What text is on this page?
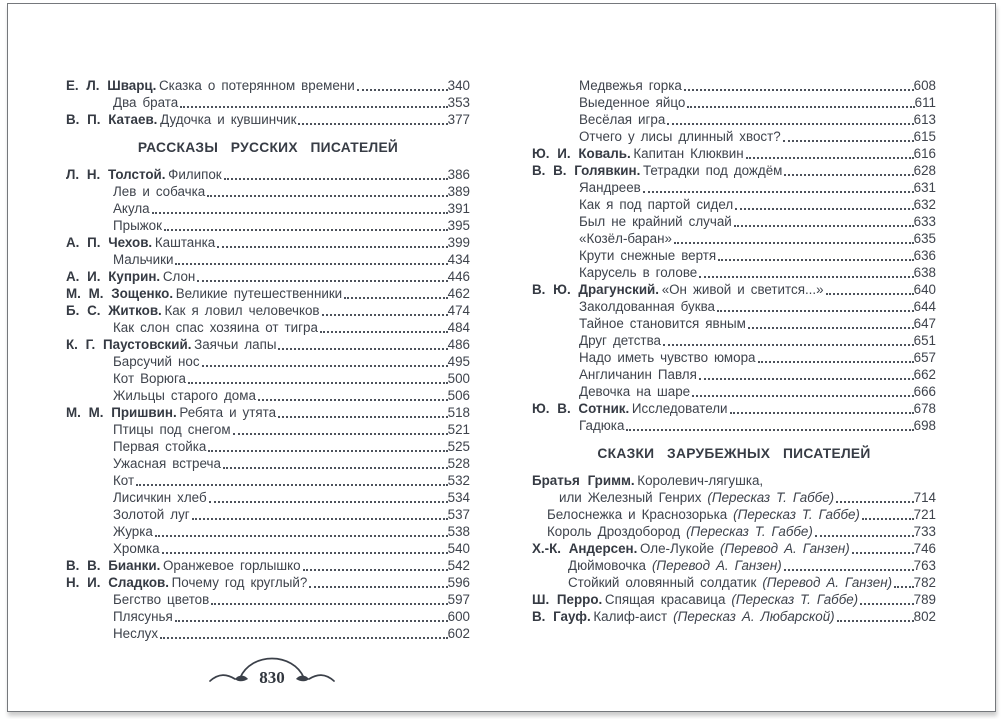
Е. Л. Шварц. Сказка о потерянном времени	340
Два брата	353
В. П. Катаев. Дудочка и кувшинчик	377
РАССКАЗЫ РУССКИХ ПИСАТЕЛЕЙ
Л. Н. Толстой. Филипок	386
Лев и собачка	389
Акула	391
Прыжок	395
А. П. Чехов. Каштанка	399
Мальчики	434
А. И. Куприн. Слон	446
М. М. Зощенко. Великие путешественники	462
Б. С. Житков. Как я ловил человечков	474
Как слон спас хозяина от тигра	484
К. Г. Паустовский. Заячьи лапы	486
Барсучий нос	495
Кот Ворюга	500
Жильцы старого дома	506
М. М. Пришвин. Ребята и утята	518
Птицы под снегом	521
Первая стойка	525
Ужасная встреча	528
Кот	532
Лисичкин хлеб	534
Золотой луг	537
Журка	538
Хромка	540
В. В. Бианки. Оранжевое горлышко	542
Н. И. Сладков. Почему год круглый?	596
Бегство цветов	597
Плясунья	600
Неслух	602
Медвежья горка	608
Выеденное яйцо	611
Весёлая игра	613
Отчего у лисы длинный хвост?	615
Ю. И. Коваль. Капитан Клюквин	616
В. В. Голявкин. Тетрадки под дождём	628
Яандреев	631
Как я под партой сидел	632
Был не крайний случай	633
«Козёл-баран»	635
Крути снежные вертя	636
Карусель в голове	638
В. Ю. Драгунский. «Он живой и светится...»	640
Заколдованная буква	644
Тайное становится явным	647
Друг детства	651
Надо иметь чувство юмора	657
Англичанин Павля	662
Девочка на шаре	666
Ю. В. Сотник. Исследователи	678
Гадюка	698
СКАЗКИ ЗАРУБЕЖНЫХ ПИСАТЕЛЕЙ
Братья Гримм. Королевич-лягушка,
или Железный Генрих (Пересказ Т. Габбе)	714
Белоснежка и Краснозорька (Пересказ Т. Габбе)	721
Король Дроздобород (Пересказ Т. Габбе)	733
Х.-К. Андерсен. Оле-Лукойе (Перевод А. Ганзен)	746
Дюймовочка (Перевод А. Ганзен)	763
Стойкий оловянный солдатик (Перевод А. Ганзен) 782
Ш. Перро. Спящая красавица (Пересказ Т. Габбе)	789
В. Гауф. Калиф-аист (Пересказ А. Любарской)	802
830
